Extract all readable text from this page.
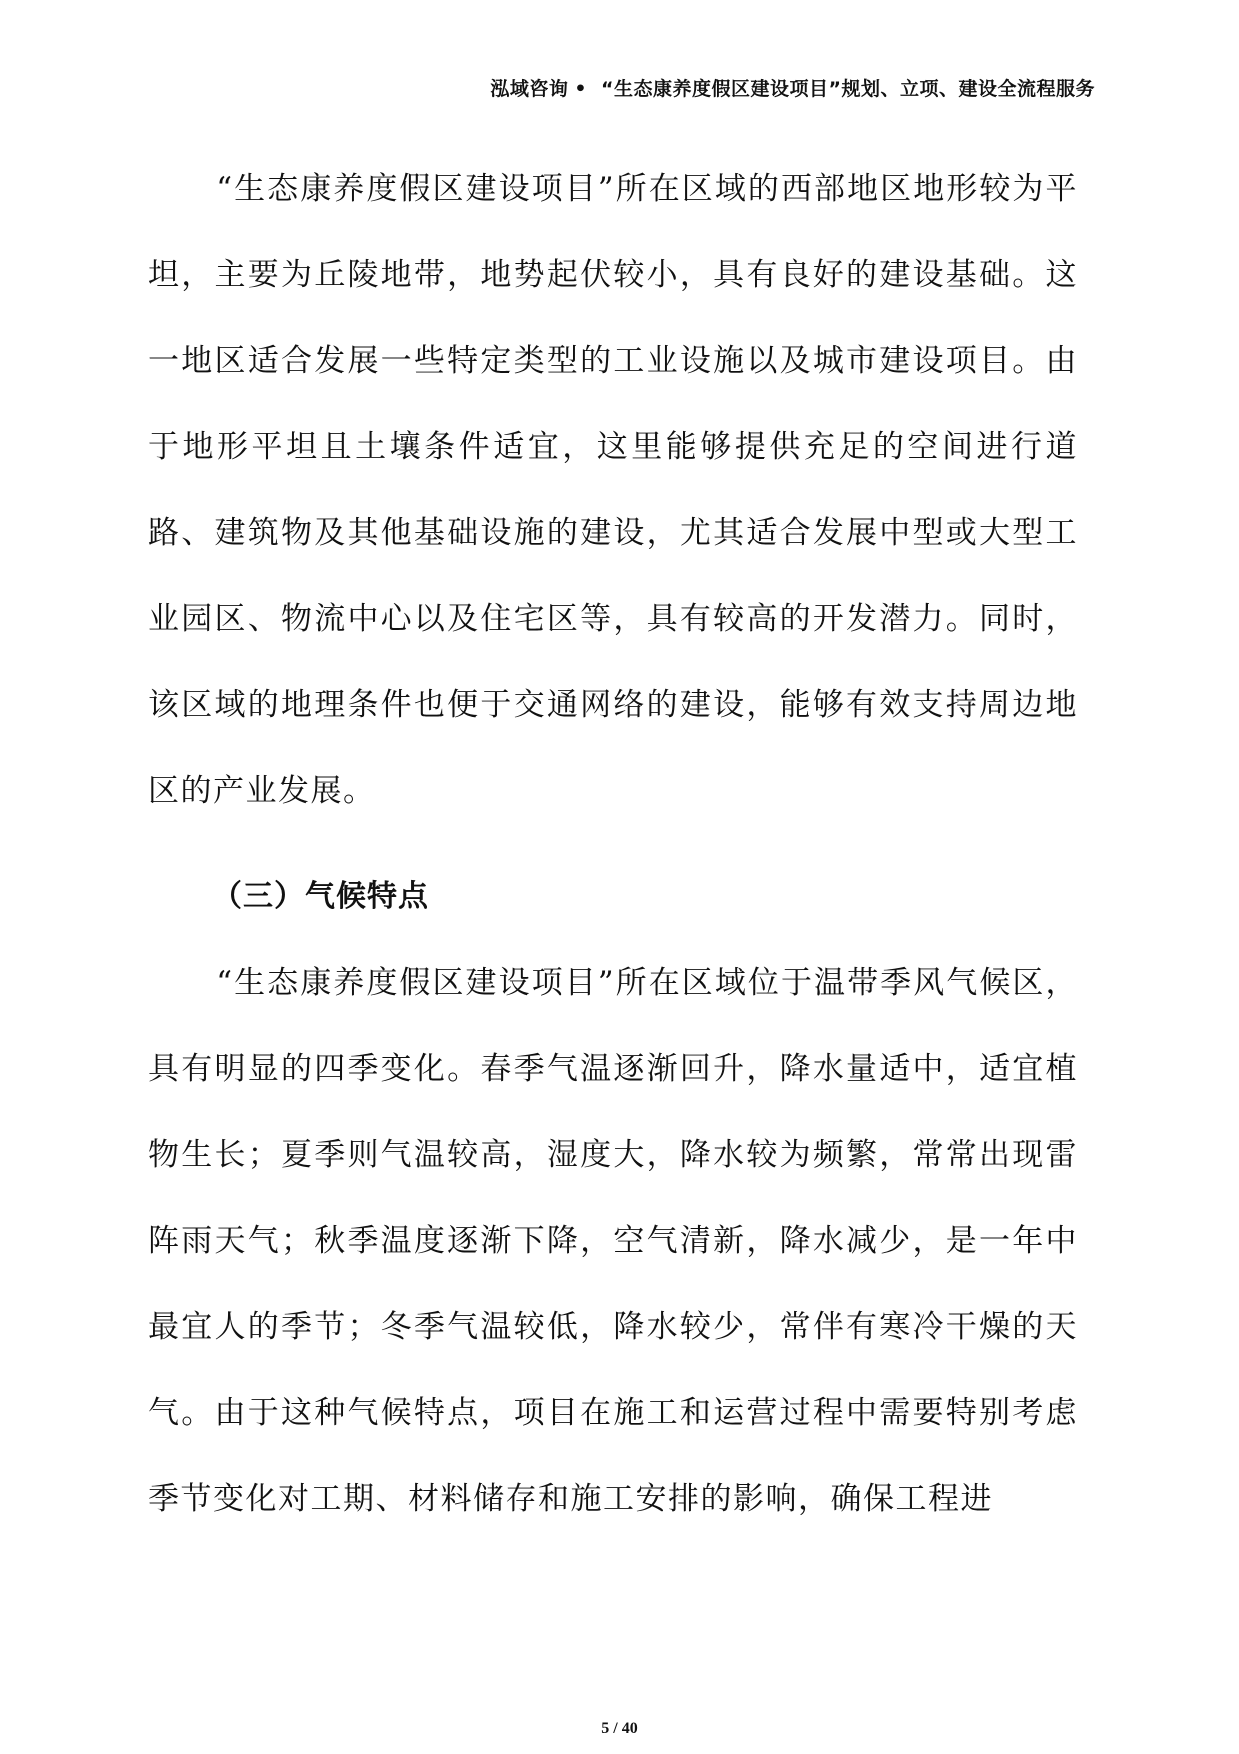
泓域咨询 • “生态康养度假区建设项目”规划、立项、建设全流程服务

“生态康养度假区建设项目”所在区域的西部地区地形较为平坦，主要为丘陵地带，地势起伏较小，具有良好的建设基础。这一地区适合发展一些特定类型的工业设施以及城市建设项目。由于地形平坦且土壤条件适宜，这里能够提供充足的空间进行道路、建筑物及其他基础设施的建设，尤其适合发展中型或大型工业园区、物流中心以及住宅区等，具有较高的开发潜力。同时，该区域的地理条件也便于交通网络的建设，能够有效支持周边地区的产业发展。

（三）气候特点

“生态康养度假区建设项目”所在区域位于温带季风气候区，具有明显的四季变化。春季气温逐渐回升，降水量适中，适宜植物生长；夏季则气温较高，湿度大，降水较为频繁，常常出现雷阵雨天气；秋季温度逐渐下降，空气清新，降水减少，是一年中最宜人的季节；冬季气温较低，降水较少，常伴有寒冷干燥的天气。由于这种气候特点，项目在施工和运营过程中需要特别考虑季节变化对工期、材料储存和施工安排的影响，确保工程进

5 / 40
